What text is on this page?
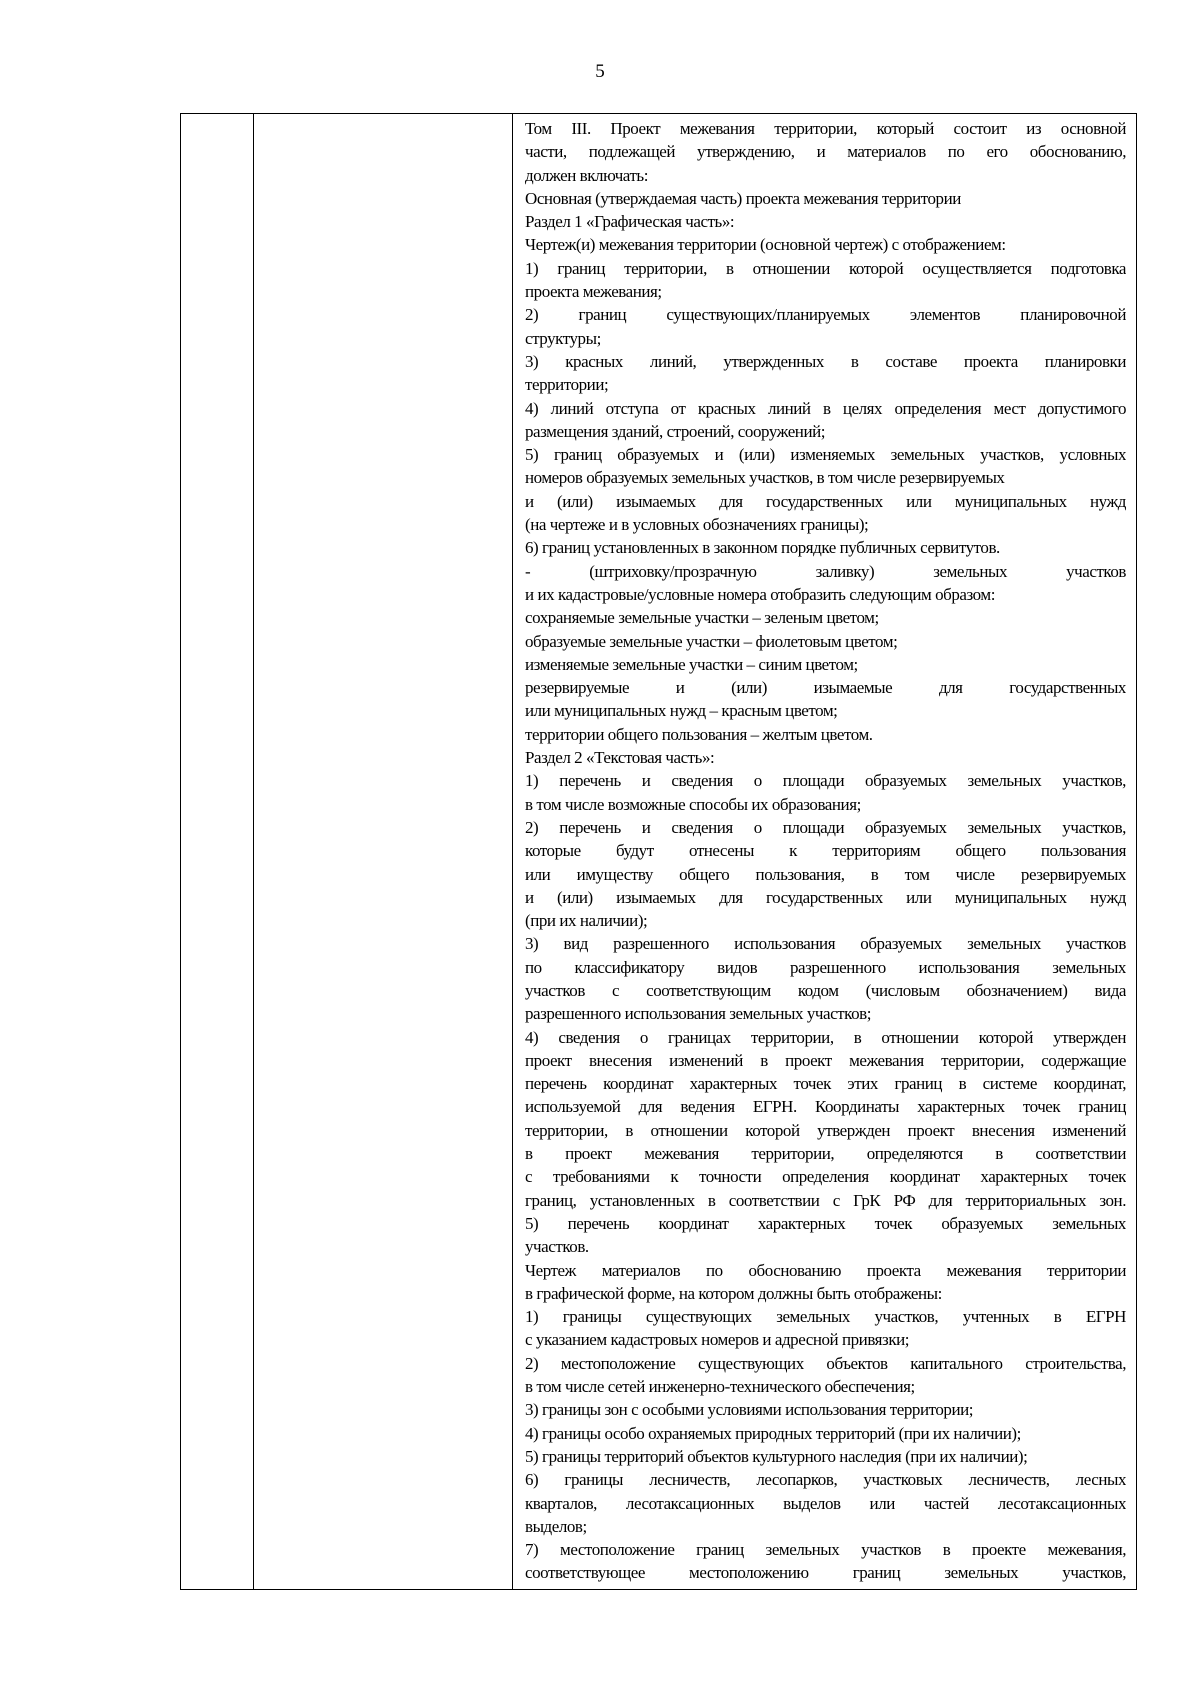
5

Том III. Проект межевания территории, который состоит из основной
части, подлежащей утверждению, и материалов по его обоснованию,
должен включать:
Основная (утверждаемая часть) проекта межевания территории
Раздел 1 «Графическая часть»:
Чертеж(и) межевания территории (основной чертеж) с отображением:
1) границ территории, в отношении которой осуществляется подготовка
проекта межевания;
2) границ существующих/планируемых элементов планировочной
структуры;
3) красных линий, утвержденных в составе проекта планировки
территории;
4) линий отступа от красных линий в целях определения мест допустимого
размещения зданий, строений, сооружений;
5) границ образуемых и (или) изменяемых земельных участков, условных
номеров образуемых земельных участков, в том числе резервируемых
и (или) изымаемых для государственных или муниципальных нужд
(на чертеже и в условных обозначениях границы);
6) границ установленных в законном порядке публичных сервитутов.
- (штриховку/прозрачную заливку) земельных участков
и их кадастровые/условные номера отобразить следующим образом:
сохраняемые земельные участки – зеленым цветом;
образуемые земельные участки – фиолетовым цветом;
изменяемые земельные участки – синим цветом;
резервируемые и (или) изымаемые для государственных
или муниципальных нужд – красным цветом;
территории общего пользования – желтым цветом.
Раздел 2 «Текстовая часть»:
1) перечень и сведения о площади образуемых земельных участков,
в том числе возможные способы их образования;
2) перечень и сведения о площади образуемых земельных участков,
которые будут отнесены к территориям общего пользования
или имуществу общего пользования, в том числе резервируемых
и (или) изымаемых для государственных или муниципальных нужд
(при их наличии);
3) вид разрешенного использования образуемых земельных участков
по классификатору видов разрешенного использования земельных
участков с соответствующим кодом (числовым обозначением) вида
разрешенного использования земельных участков;
4) сведения о границах территории, в отношении которой утвержден
проект внесения изменений в проект межевания территории, содержащие
перечень координат характерных точек этих границ в системе координат,
используемой для ведения ЕГРН. Координаты характерных точек границ
территории, в отношении которой утвержден проект внесения изменений
в проект межевания территории, определяются в соответствии
с требованиями к точности определения координат характерных точек
границ, установленных в соответствии с ГрК РФ для территориальных зон.
5) перечень координат характерных точек образуемых земельных
участков.
Чертеж материалов по обоснованию проекта межевания территории
в графической форме, на котором должны быть отображены:
1) границы существующих земельных участков, учтенных в ЕГРН
с указанием кадастровых номеров и адресной привязки;
2) местоположение существующих объектов капитального строительства,
в том числе сетей инженерно-технического обеспечения;
3) границы зон с особыми условиями использования территории;
4) границы особо охраняемых природных территорий (при их наличии);
5) границы территорий объектов культурного наследия (при их наличии);
6) границы лесничеств, лесопарков, участковых лесничеств, лесных
кварталов, лесотаксационных выделов или частей лесотаксационных
выделов;
7) местоположение границ земельных участков в проекте межевания,
соответствующее местоположению границ земельных участков,
